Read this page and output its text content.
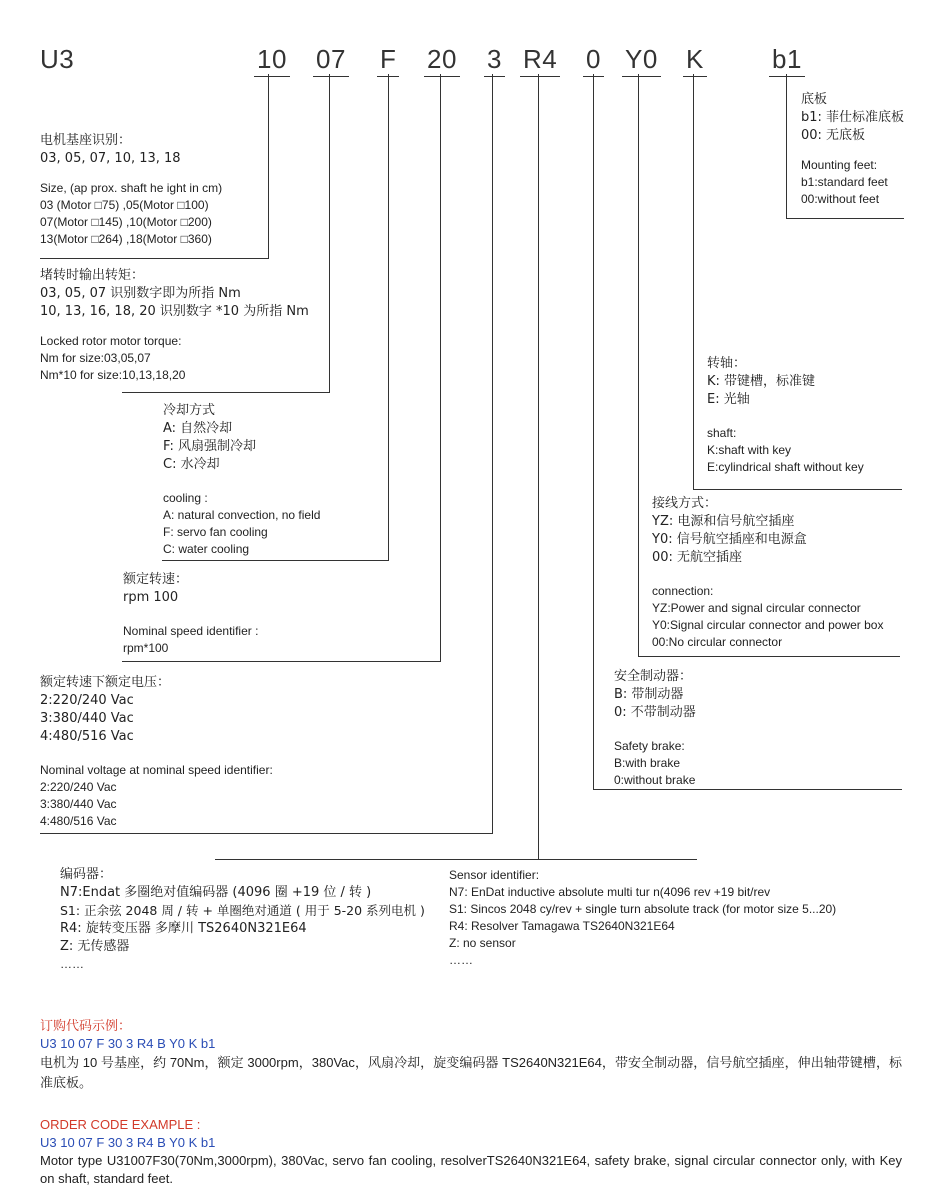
U3	10 07 F 20 3 R4 0 Y0 K	b1
电机基座识别：
03, 05, 07, 10, 13, 18
Size, (ap prox. shaft he ight in cm)
03 (Motor □75) ,05(Motor □100)
07(Motor □145) ,10(Motor □200)
13(Motor □264) ,18(Motor □360)
堵转时输出转矩：
03, 05, 07 识别数字即为所指 Nm
10, 13, 16, 18, 20 识别数字 *10 为所指 Nm
Locked rotor motor torque:
Nm for size:03,05,07
Nm*10 for size:10,13,18,20
冷却方式
A: 自然冷却
F: 风扇强制冷却
C: 水冷却
cooling :
A: natural convection, no field
F: servo fan cooling
C: water cooling
额定转速：
rpm 100
Nominal speed identifier :
rpm*100
额定转速下额定电压：
2:220/240 Vac
3:380/440 Vac
4:480/516 Vac
Nominal voltage at nominal speed identifier:
2:220/240 Vac
3:380/440 Vac
4:480/516 Vac
编码器：
N7:Endat 多圈绝对值编码器 (4096 圈 +19 位 / 转 )
S1: 正余弦 2048 周 / 转 + 单圈绝对通道 ( 用于 5-20 系列电机 )
R4: 旋转变压器 多摩川 TS2640N321E64
Z: 无传感器
……
Sensor identifier:
N7: EnDat inductive absolute multi tur n(4096 rev +19 bit/rev
S1: Sincos 2048 cy/rev + single turn absolute track (for motor size 5...20)
R4: Resolver Tamagawa TS2640N321E64
Z: no sensor
……
安全制动器：
B: 带制动器
0: 不带制动器
Safety brake:
B:with brake
0:without brake
接线方式：
YZ: 电源和信号航空插座
Y0: 信号航空插座和电源盒
00: 无航空插座
connection:
YZ:Power and signal circular connector
Y0:Signal circular connector and power box
00:No circular connector
转轴：
K: 带键槽，标准键
E: 光轴
shaft:
K:shaft with key
E:cylindrical shaft without key
底板
b1: 菲仕标准底板
00: 无底板
Mounting feet:
b1:standard feet
00:without feet
订购代码示例：
U3 10 07 F 30 3 R4 B Y0 K b1
电机为 10 号基座，约 70Nm，额定 3000rpm，380Vac，风扇冷却，旋变编码器 TS2640N321E64，带安全制动器，信号航空插座，伸出轴带键槽，标准底板。
ORDER CODE EXAMPLE :
U3 10 07 F 30 3 R4 B Y0 K b1
Motor type U31007F30(70Nm,3000rpm), 380Vac, servo fan cooling, resolverTS2640N321E64, safety brake, signal circular connector only, with Key on shaft, standard feet.
